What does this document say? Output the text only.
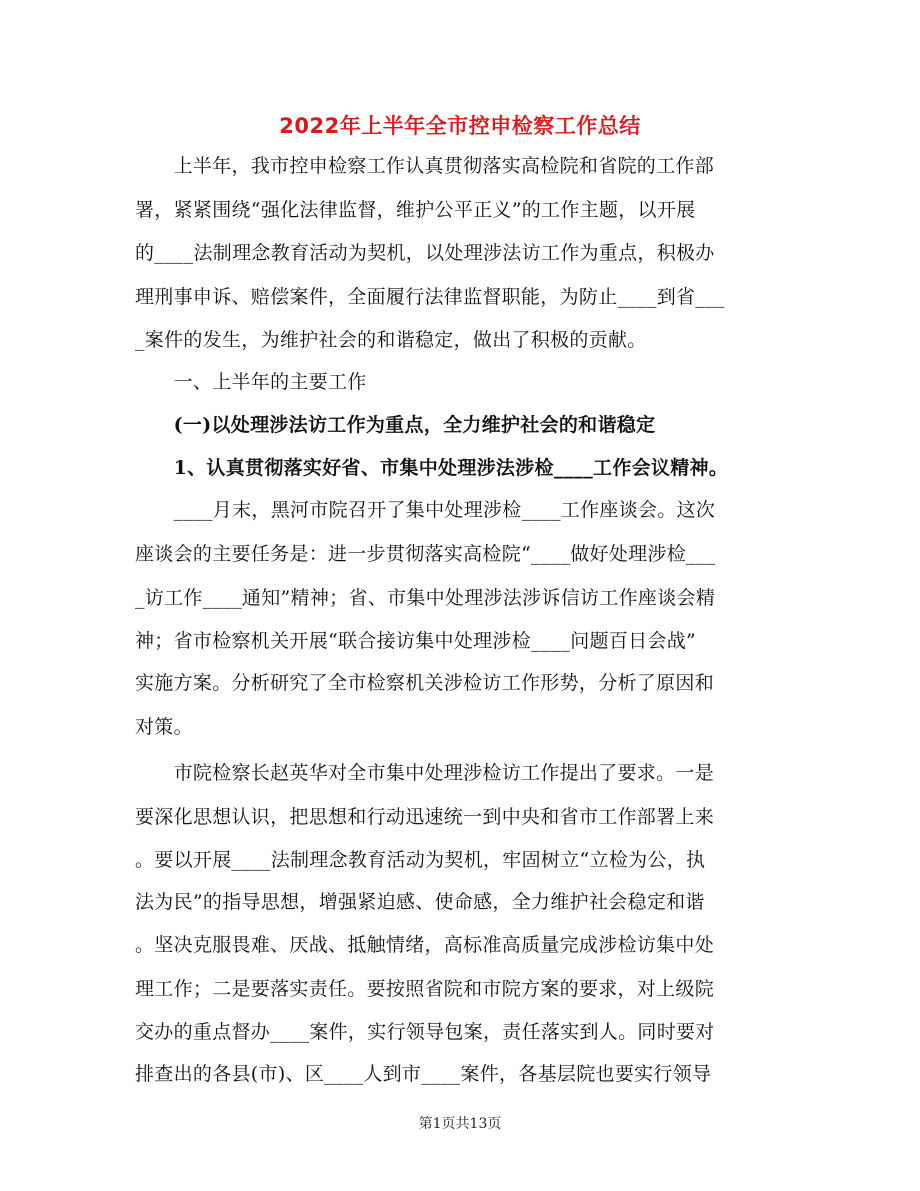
2022年上半年全市控申检察工作总结
　　上半年，我市控申检察工作认真贯彻落实高检院和省院的工作部
署，紧紧围绕“强化法律监督，维护公平正义”的工作主题，以开展
的____法制理念教育活动为契机，以处理涉法访工作为重点，积极办
理刑事申诉、赔偿案件，全面履行法律监督职能，为防止____到省___
_案件的发生，为维护社会的和谐稳定，做出了积极的贡献。
　　一、上半年的主要工作
　　(一)以处理涉法访工作为重点，全力维护社会的和谐稳定
　　1、认真贯彻落实好省、市集中处理涉法涉检____工作会议精神。
　　____月末，黑河市院召开了集中处理涉检____工作座谈会。这次
座谈会的主要任务是：进一步贯彻落实高检院“____做好处理涉检___
_访工作____通知”精神；省、市集中处理涉法涉诉信访工作座谈会精
神；省市检察机关开展“联合接访集中处理涉检____问题百日会战”
实施方案。分析研究了全市检察机关涉检访工作形势，分析了原因和
对策。
　　市院检察长赵英华对全市集中处理涉检访工作提出了要求。一是
要深化思想认识，把思想和行动迅速统一到中央和省市工作部署上来
。要以开展____法制理念教育活动为契机，牢固树立“立检为公，执
法为民”的指导思想，增强紧迫感、使命感，全力维护社会稳定和谐
。坚决克服畏难、厌战、抵触情绪，高标准高质量完成涉检访集中处
理工作；二是要落实责任。要按照省院和市院方案的要求，对上级院
交办的重点督办____案件，实行领导包案，责任落实到人。同时要对
排查出的各县(市)、区____人到市____案件，各基层院也要实行领导
第1页共13页
